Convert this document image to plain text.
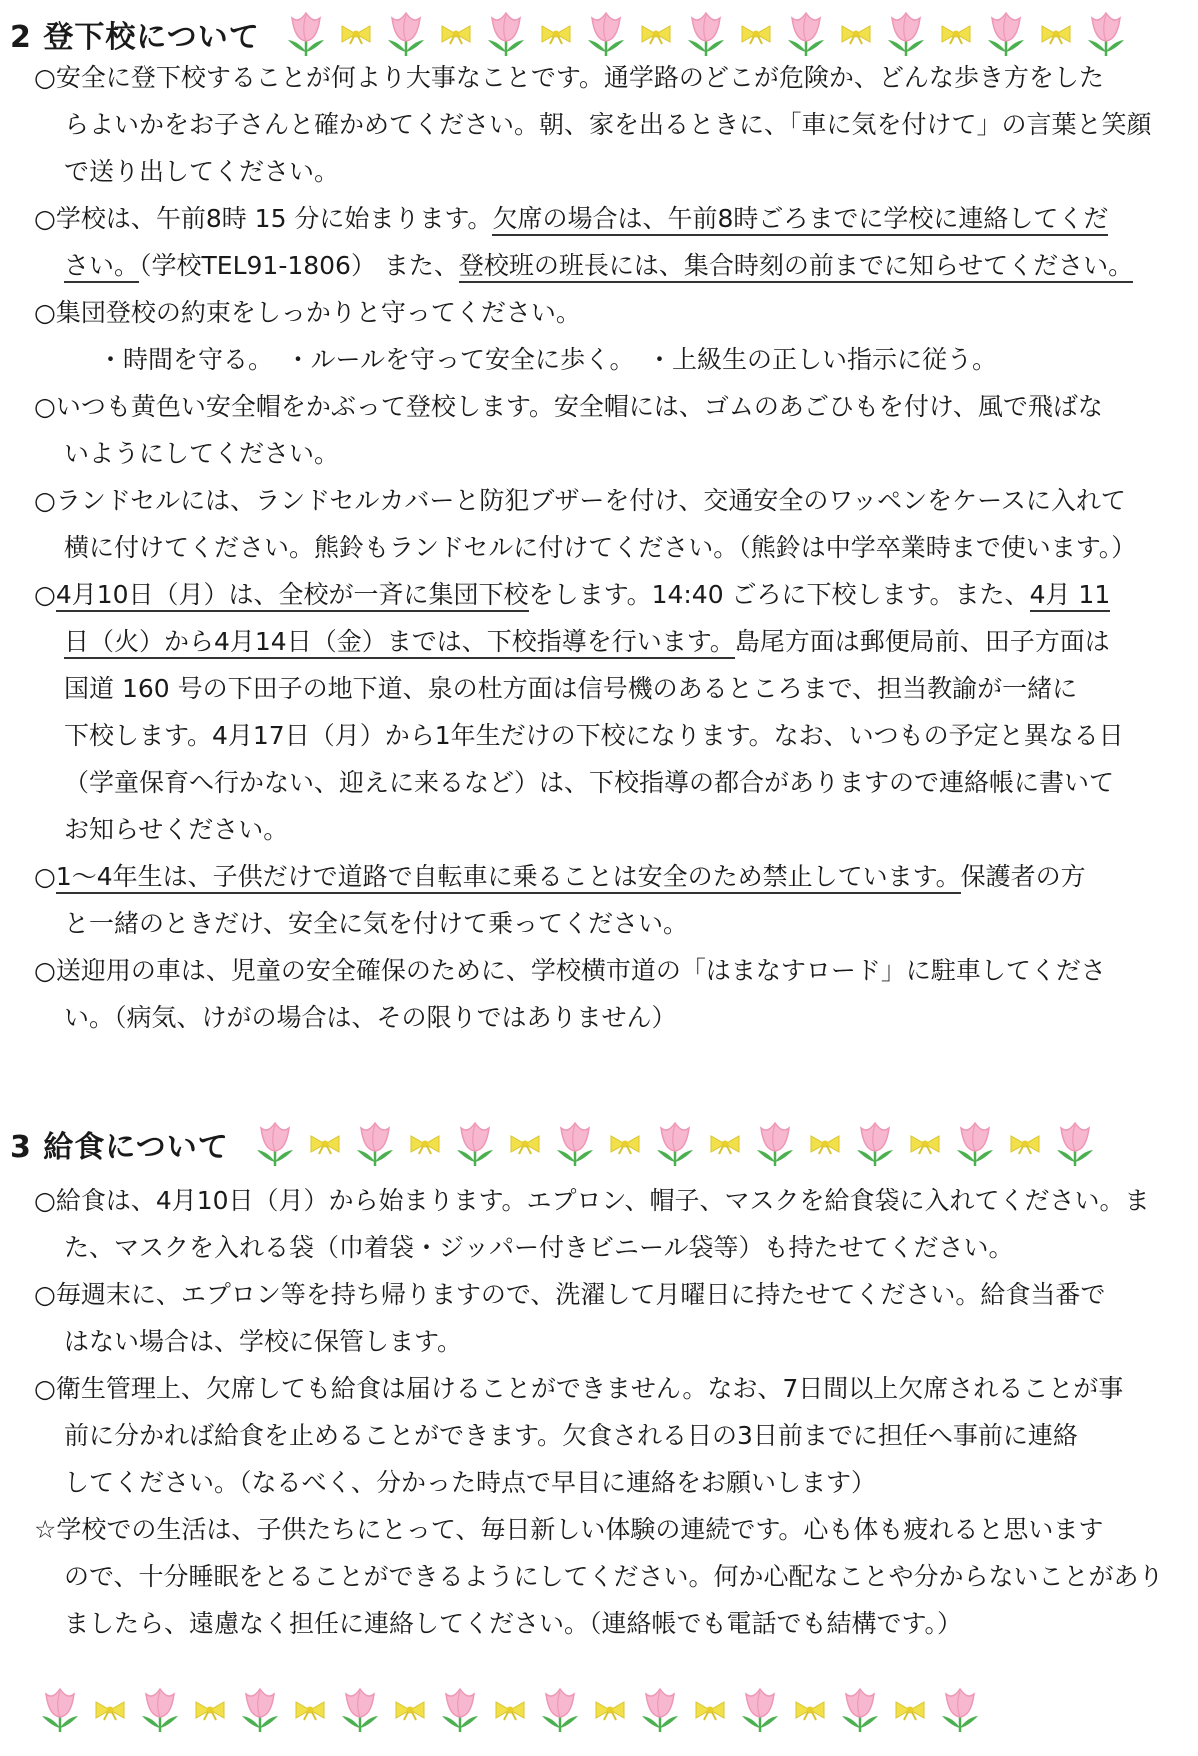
2 登下校について
○安全に登下校することが何より大事なことです。通学路のどこが危険か、どんな歩き方をした
らよいかをお子さんと確かめてください。朝、家を出るときに、「車に気を付けて」の言葉と笑顔
で送り出してください。
○学校は、午前8時 15 分に始まります。欠席の場合は、午前8時ごろまでに学校に連絡してくだ
さい。（学校TEL91-1806） また、登校班の班長には、集合時刻の前までに知らせてください。
○集団登校の約束をしっかりと守ってください。
・時間を守る。　・ルールを守って安全に歩く。　・上級生の正しい指示に従う。
○いつも黄色い安全帽をかぶって登校します。安全帽には、ゴムのあごひもを付け、風で飛ばな
いようにしてください。
○ランドセルには、ランドセルカバーと防犯ブザーを付け、交通安全のワッペンをケースに入れて
横に付けてください。熊鈴もランドセルに付けてください。（熊鈴は中学卒業時まで使います。）
○4月10日（月）は、全校が一斉に集団下校をします。14:40 ごろに下校します。また、4月 11
日（火）から4月14日（金）までは、下校指導を行います。島尾方面は郵便局前、田子方面は
国道 160 号の下田子の地下道、泉の杜方面は信号機のあるところまで、担当教諭が一緒に
下校します。4月17日（月）から1年生だけの下校になります。なお、いつもの予定と異なる日
（学童保育へ行かない、迎えに来るなど）は、下校指導の都合がありますので連絡帳に書いて
お知らせください。
○1～4年生は、子供だけで道路で自転車に乗ることは安全のため禁止しています。保護者の方
と一緒のときだけ、安全に気を付けて乗ってください。
○送迎用の車は、児童の安全確保のために、学校横市道の「はまなすロード」に駐車してくださ
い。（病気、けがの場合は、その限りではありません）
3 給食について
○給食は、4月10日（月）から始まります。エプロン、帽子、マスクを給食袋に入れてください。ま
た、マスクを入れる袋（巾着袋・ジッパー付きビニール袋等）も持たせてください。
○毎週末に、エプロン等を持ち帰りますので、洗濯して月曜日に持たせてください。給食当番で
はない場合は、学校に保管します。
○衛生管理上、欠席しても給食は届けることができません。なお、7日間以上欠席されることが事
前に分かれば給食を止めることができます。欠食される日の3日前までに担任へ事前に連絡
してください。（なるべく、分かった時点で早目に連絡をお願いします）
☆学校での生活は、子供たちにとって、毎日新しい体験の連続です。心も体も疲れると思います
ので、十分睡眠をとることができるようにしてください。何か心配なことや分からないことがあり
ましたら、遠慮なく担任に連絡してください。（連絡帳でも電話でも結構です。）
